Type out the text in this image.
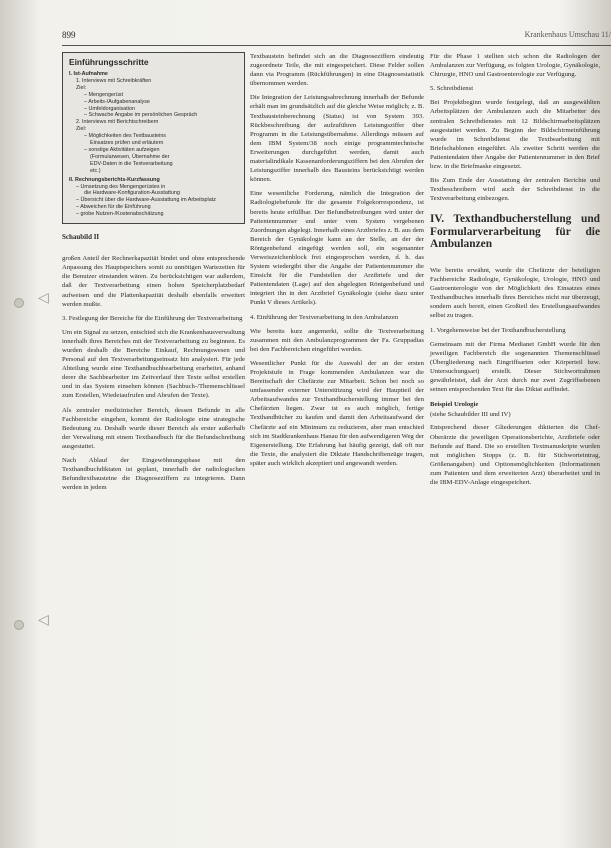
◁
◁
899	Krankenhaus Umschau 11/
Einführungsschritte
I. Ist-Aufnahme
1. Interviews mit Schreibkräften
Ziel:
– Mengengerüst
– Arbeits-/Aufgabenanalyse
– Umfeldorganisation
– Schwache Angabe im persönlichen Gespräch
2. Interviews mit Berichtschreibern
Ziel:
– Möglichkeiten des Textbausteins
Einsatzes prüfen und erläutern
– sonstige Aktivitäten aufzeigen
(Formularwesen, Übernahme der
EDV-Daten in die Textverarbeitung
etc.)
II. Rechnungsberichts-Kurzfassung
– Umsetzung des Mengengerüstes in
die Hardware-Konfiguration-Ausstattung
– Übersicht über die Hardware-Ausstattung im Arbeitsplatz
– Abweichen für die Einführung
– grobe Nutzen-/Kostenabschätzung
Schaubild II

großen Anteil der Rechnerkapazität bindet und ohne entsprechende Anpassung des Hauptspeichers somit zu unnötigen Wartezeiten für die Benutzer einstanden wären. Zu berücksichtigen war außerdem, daß der Textverarbeitung einen hohen Speicherplatzbedarf aufweisen und die Plattenkapazität deshalb ebenfalls erweitert werden mußte.

3. Festlegung der Bereiche für die Einführung der Textverarbeitung

Um ein Signal zu setzen, entschied sich die Krankenhausverwaltung innerhalb ihres Bereiches mit der Textverarbeitung zu beginnen. Es wurden deshalb die Bereiche Einkauf, Rechnungswesen und Personal auf den Textverarbeitungseinsatz hin analysiert. Für jede Abteilung wurde eine Texthandbuchbearbeitung erarbeitet, anhand derer die Sachbearbeiter im Zeitverlauf ihre Texte selbst erstellen und in das System einsehen können (Sachbuch-/Themenschlüssel zum Erstellen, Wiedeiaufrufen und Abrufen der Texte).

Als zentraler medizinischer Bereich, dessen Befunde in alle Fachbereiche eingehen, kommt der Radiologie eine strategische Bedeutung zu. Deshalb wurde dieser Bereich als erster außerhalb der Verwaltung mit einem Texthandbuch für die Befundschreibung ausgestattet.

Nach Ablauf der Eingewöhnungsphase mit den Texthandbuchdiktaten ist geplant, innerhalb der radiologischen Befundtextbausteine die Diagnoseziffern zu integrieren. Dann werden in jedem

Textbaustein befindet sich an die Diagnoseziffern eindeutig zugeordnete Teile, die mit eingespeichert. Diese Felder sollen dann via Programm (Rückführungen) in eine Diagnosestatistik übernommen werden.

Die Integration der Leistungsabrechnung innerhalb der Befunde erhält man im grundsätzlich auf die gleiche Weise möglich; z. B. Textbausteinberechnung (Status) ist von System 393. Rückbeschreibung der aufzuführen Leistungsziffer über Programm in die Leistungsübernahme. Allerdings müssen auf dem IBM System/38 noch einige programmtechnische Erweiterungen durchgeführt werden, damit auch materialindikale Kassenanforderungsziffern bei den Abrufen der Leistungsziffer innerhalb des Bausteins berücksichtigt werden können.

Eine wesentliche Forderung, nämlich die Integration der Radiologiebefunde für die gesamte Folgekorrespondenz, ist bereits heute erfüllbar. Der Befundbetreibungen wird unter der Patientennummer und unter vom System vergebenen Zuordnungen abgelegt. Innerhalb eines Arztbriefes z. B. aus dem Bereich der Gynäkologie kann an der Stelle, an der der Röntgenbefund eingefügt werden soll, ein sogenannter Verweiszeichenblock frei eingesprochen werden, d. h. das System wiedergibt über die Angabe der Patientennummer die Einsicht für die Fundstellen der Arztbriefe und der Patientendaten (Lage) auf den abgelegten Röntgenbefund und integriert ihn in den Arztbrief Gynäkologie (siehe dazu unter Punkt V dieses Artikels).

4. Einführung der Textverarbeitung in den Ambulanzen

Wie bereits kurz angemerkt, sollte die Textverarbeitung zusammen mit den Ambulanzprogrammen der Fa. Gruppadias bei den Fachbereichen eingeführt werden.

Wesentlicher Punkt für die Auswahl der an der ersten Projektstufe in Frage kommenden Ambulanzen war die Bereitschaft der Chefärzte zur Mitarbeit. Schon bei noch so umfassender externer Unterstützung wird der Hauptteil der Arbeitsaufwandes zur Texthandbucherstellung immer bei den Chefärzten liegen. Zwar ist es auch möglich, fertige Texthandbücher zu kaufen und damit den Arbeitsaufwand der Chefärzte auf ein Minimum zu reduzieren, aber man entschied sich im Stadtkrankenhaus Hanau für den aufwendigeren Weg der Eigenerstellung. Die Erfahrung hat häufig gezeigt, daß oft nur die Texte, die analysiert die Diktate Handschriftenzüge tragen, später auch wirklich akzeptiert und angewandt werden.

Für die Phase 1 stellten sich schon die Radiologen der Ambulanzen zur Verfügung, es folgten Urologie, Gynäkologie, Chirurgie, HNO und Gastroenterologie zur Verfügung.

5. Schreibdienst

Bei Projektbeginn wurde festgelegt, daß an ausgewählten Arbeitsplätzen der Ambulanzen auch die Mitarbeiter des zentralen Schreibdienstes mit 12 Bildschirmarbeitsplätzen ausgestattet werden. Zu Beginn der Bildschirmeinführung wurde im Schreibdienst die Textbearbeitung mit Briefschablonen eingeführt. Als zweiter Schritt werden die Patientendaten über Angabe der Patientennummer in den Brief bzw. in die Briefmaske eingesetzt.

Bis Zum Ende der Ausstattung der zentralen Berichte und Textbeschreibern wird auch der Schreibdienst in die Textverarbeitung einbezogen.

IV. Texthandbucherstellung und Formularverarbeitung für die Ambulanzen

Wie bereits erwähnt, wurde die Chefärzte der beteiligten Fachbereiche Radiologie, Gynäkologie, Urologie, HNO und Gastroenterologie von der Möglichkeit des Einsatzes eines Texthandbuches innerhalb ihres Bereiches nicht nur überzeugt, sondern auch bereit, einen Großteil des Erstellungsaufwandes selbst zu tragen.

1. Vorgehensweise bei der Texthandbucherstellung

Gemeinsam mit der Firma Medianet GmbH wurde für den jeweiligen Fachbereich die sogenannten Themenschlüssel (Übergliederung nach Eingriffsarten oder Körperteil bzw. Untersuchungsart) erstellt. Dieser Stichwortrahmen gewährleistet, daß der Arzt durch nur zwei Zugriffsebenen seinen entsprechenden Text für das Diktat auffindet.

Beispiel Urologie

(siehe Schaubilder III und IV)

Entsprechend dieser Gliederungen diktierten die Chef-Oberärzte die jeweiligen Operationsberichte, Arztbriefe oder Befunde auf Band. Die so erstellten Textmanuskripte wurden mit möglichen Stopps (z. B. für Stichworteintrag, Größenangaben) und Optionsmöglichkeiten (Informationen zum Patienten und dem erweiterten Arzt) überarbeitet und in die IBM-EDV-Anlage eingespeichert.
